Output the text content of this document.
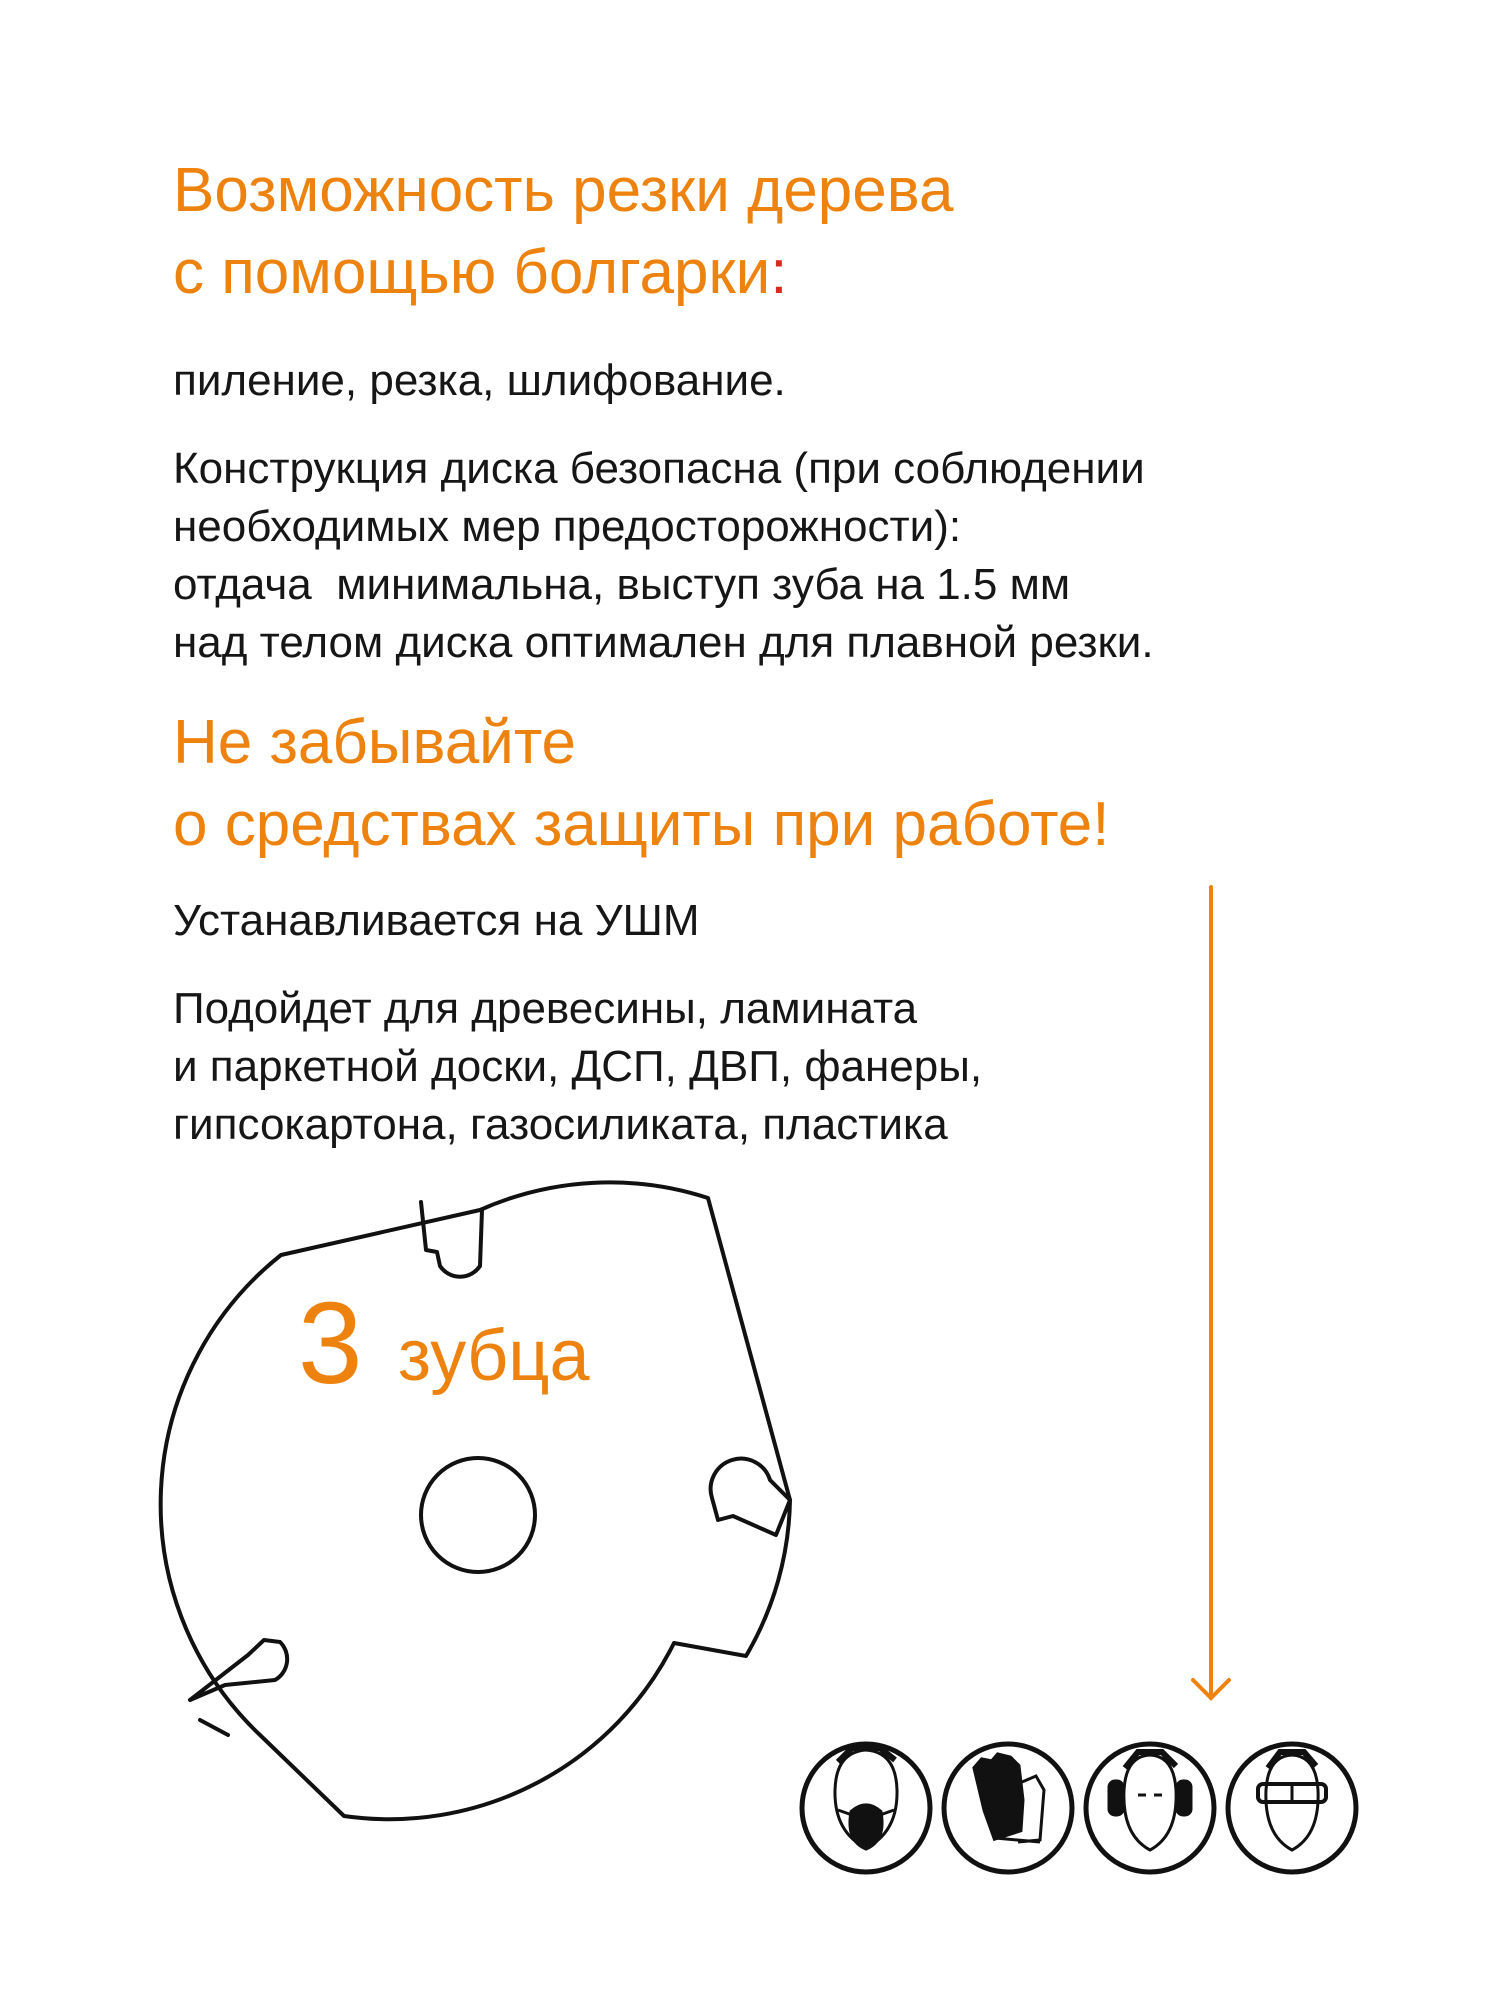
Возможность резки дерева
с помощью болгарки:

пиление, резка, шлифование.

Конструкция диска безопасна (при соблюдении
необходимых мер предосторожности):
отдача  минимальна, выступ зуба на 1.5 мм
над телом диска оптимален для плавной резки.
Не забывайте
о средствах защиты при работе!

Устанавливается на УШМ

Подойдет для древесины, ламината
и паркетной доски, ДСП, ДВП, фанеры,
гипсокартона, газосиликата, пластика
3 зубца
